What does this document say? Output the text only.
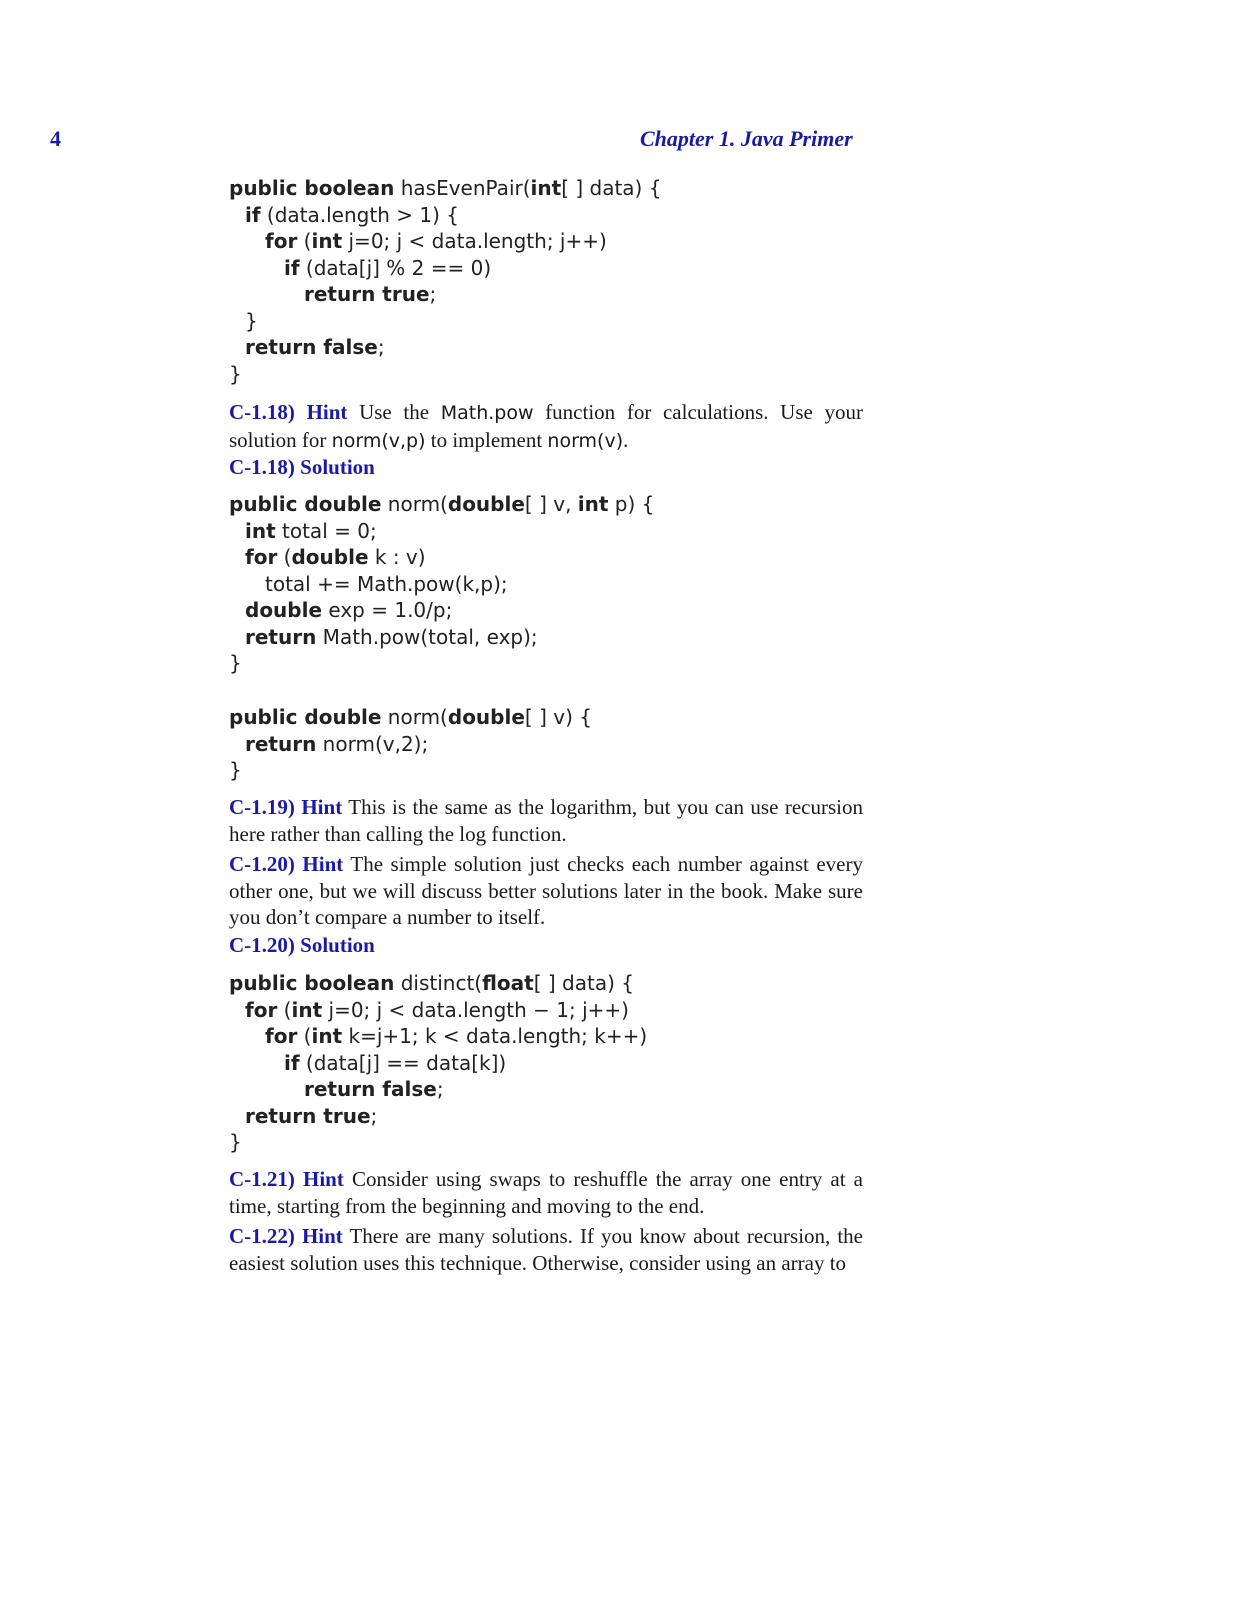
4	Chapter 1. Java Primer
public boolean hasEvenPair(int[ ] data) {
if (data.length > 1) {
for (int j=0; j < data.length; j++)
if (data[j] % 2 == 0)
return true;
}
return false;
}
C-1.18) Hint Use the Math.pow function for calculations. Use your solution for norm(v,p) to implement norm(v).
C-1.18) Solution
public double norm(double[ ] v, int p) {
int total = 0;
for (double k : v)
total += Math.pow(k,p);
double exp = 1.0/p;
return Math.pow(total, exp);
}
public double norm(double[ ] v) {
return norm(v,2);
}
C-1.19) Hint This is the same as the logarithm, but you can use recursion here rather than calling the log function.
C-1.20) Hint The simple solution just checks each number against every other one, but we will discuss better solutions later in the book. Make sure you don’t compare a number to itself.
C-1.20) Solution
public boolean distinct(float[ ] data) {
for (int j=0; j < data.length − 1; j++)
for (int k=j+1; k < data.length; k++)
if (data[j] == data[k])
return false;
return true;
}
C-1.21) Hint Consider using swaps to reshuffle the array one entry at a time, starting from the beginning and moving to the end.
C-1.22) Hint There are many solutions. If you know about recursion, the easiest solution uses this technique. Otherwise, consider using an array to
